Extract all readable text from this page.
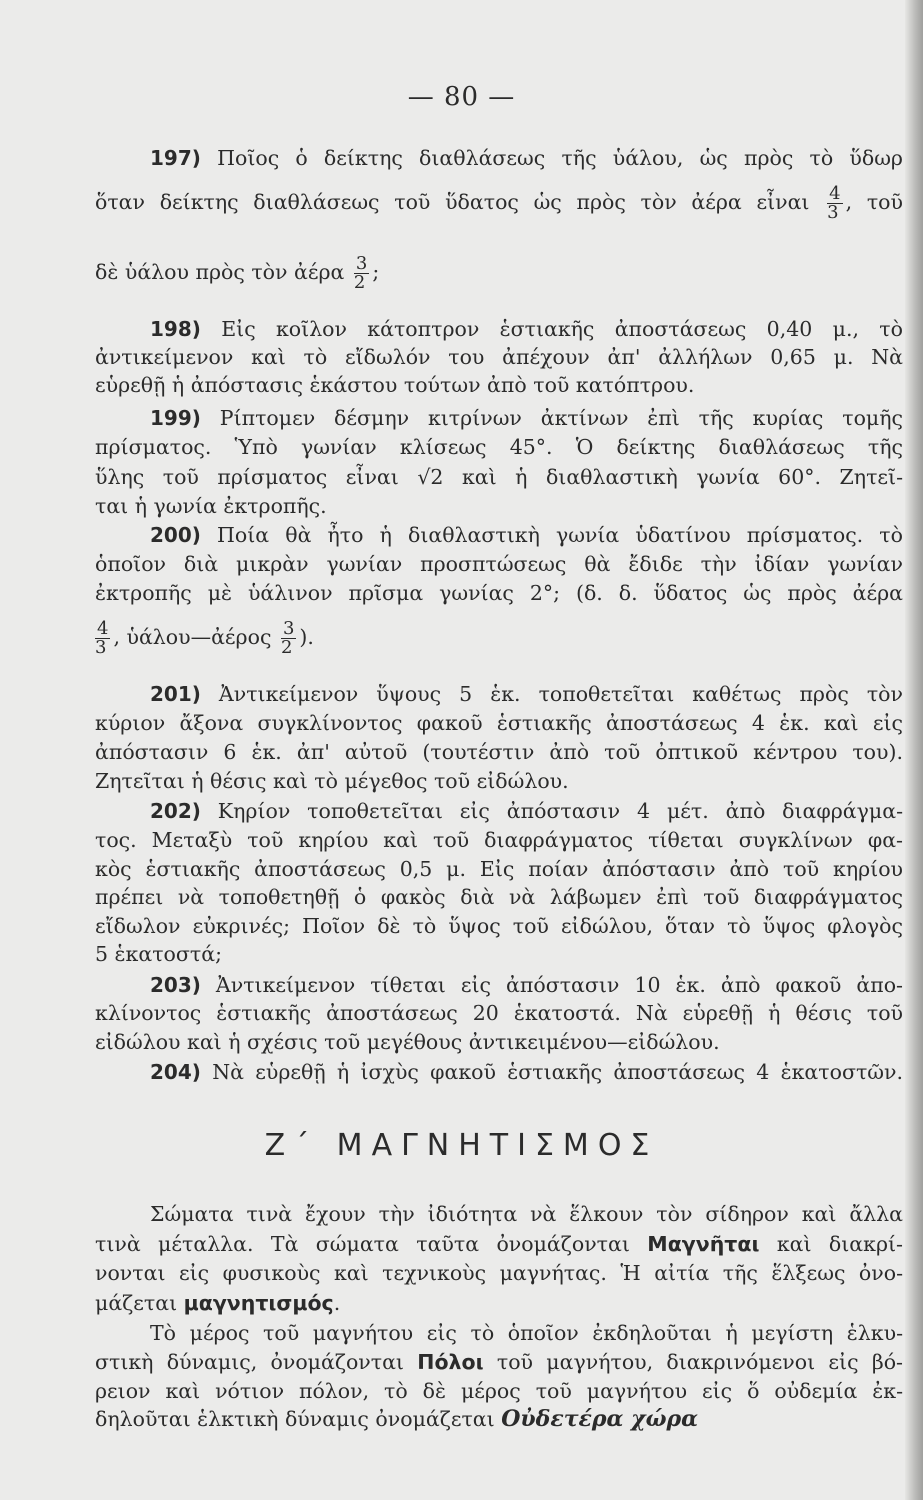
— 80 —
197) Ποῖος ὁ δείκτης διαθλάσεως τῆς ὑάλου, ὡς πρὸς τὸ ὕδωρ
ὅταν δείκτης διαθλάσεως τοῦ ὕδατος ὡς πρὸς τὸν ἀέρα εἶναι $\frac{4}{3}$ , τοῦ
δὲ ὑάλου πρὸς τὸν ἀέρα $\frac{3}{2}$ ;
198) Εἰς κοῖλον κάτοπτρον ἑστιακῆς ἀποστάσεως 0,40 μ., τὸ
ἀντικείμενον καὶ τὸ εἴδωλόν του ἀπέχουν ἀπ' ἀλλήλων 0,65 μ. Νὰ
εὑρεθῇ ἡ ἀπόστασις ἑκάστου τούτων ἀπὸ τοῦ κατόπτρου.
199) Ρίπτομεν δέσμην κιτρίνων ἀκτίνων ἐπὶ τῆς κυρίας τομῆς
πρίσματος. Ὑπὸ γωνίαν κλίσεως 45°. Ὁ δείκτης διαθλάσεως τῆς
ὕλης τοῦ πρίσματος εἶναι √2 καὶ ἡ διαθλαστικὴ γωνία 60°. Ζητεῖ-
ται ἡ γωνία ἐκτροπῆς.
200) Ποία θὰ ἦτο ἡ διαθλαστικὴ γωνία ὑδατίνου πρίσματος. τὸ
ὁποῖον διὰ μικρὰν γωνίαν προσπτώσεως θὰ ἔδιδε τὴν ἰδίαν γωνίαν
ἐκτροπῆς μὲ ὑάλινον πρῖσμα γωνίας 2°; (δ. δ. ὕδατος ὡς πρὸς ἀέρα
$\frac{4}{3}$ , ὑάλου—ἀέρος $\frac{3}{2}$ ).
201) Ἀντικείμενον ὕψους 5 ἑκ. τοποθετεῖται καθέτως πρὸς τὸν
κύριον ἄξονα συγκλίνοντος φακοῦ ἑστιακῆς ἀποστάσεως 4 ἑκ. καὶ εἰς
ἀπόστασιν 6 ἑκ. ἀπ' αὐτοῦ (τουτέστιν ἀπὸ τοῦ ὀπτικοῦ κέντρου του).
Ζητεῖται ἡ θέσις καὶ τὸ μέγεθος τοῦ εἰδώλου.
202) Κηρίον τοποθετεῖται εἰς ἀπόστασιν 4 μέτ. ἀπὸ διαφράγμα-
τος. Μεταξὺ τοῦ κηρίου καὶ τοῦ διαφράγματος τίθεται συγκλίνων φα-
κὸς ἑστιακῆς ἀποστάσεως 0,5 μ. Εἰς ποίαν ἀπόστασιν ἀπὸ τοῦ κηρίου
πρέπει νὰ τοποθετηθῇ ὁ φακὸς διὰ νὰ λάβωμεν ἐπὶ τοῦ διαφράγματος
εἴδωλον εὐκρινές; Ποῖον δὲ τὸ ὕψος τοῦ εἰδώλου, ὅταν τὸ ὕψος φλογὸς
5 ἑκατοστά;
203) Ἀντικείμενον τίθεται εἰς ἀπόστασιν 10 ἑκ. ἀπὸ φακοῦ ἀπο-
κλίνοντος ἑστιακῆς ἀποστάσεως 20 ἑκατοστά. Νὰ εὑρεθῇ ἡ θέσις τοῦ
εἰδώλου καὶ ἡ σχέσις τοῦ μεγέθους ἀντικειμένου—εἰδώλου.
204) Νὰ εὑρεθῇ ἡ ἰσχὺς φακοῦ ἑστιακῆς ἀποστάσεως 4 ἑκατοστῶν.
Ζ΄ ΜΑΓΝΗΤΙΣΜΟΣ
Σώματα τινὰ ἔχουν τὴν ἰδιότητα νὰ ἕλκουν τὸν σίδηρον καὶ ἄλλα
τινὰ μέταλλα. Τὰ σώματα ταῦτα ὀνομάζονται Μαγνῆται καὶ διακρί-
νονται εἰς φυσικοὺς καὶ τεχνικοὺς μαγνήτας. Ἡ αἰτία τῆς ἕλξεως ὀνο-
μάζεται μαγνητισμός.
Τὸ μέρος τοῦ μαγνήτου εἰς τὸ ὁποῖον ἐκδηλοῦται ἡ μεγίστη ἑλκυ-
στικὴ δύναμις, ὀνομάζονται Πόλοι τοῦ μαγνήτου, διακρινόμενοι εἰς βό-
ρειον καὶ νότιον πόλον, τὸ δὲ μέρος τοῦ μαγνήτου εἰς ὅ οὐδεμία ἐκ-
δηλοῦται ἑλκτικὴ δύναμις ὀνομάζεται Οὐδετέρα χώρα
